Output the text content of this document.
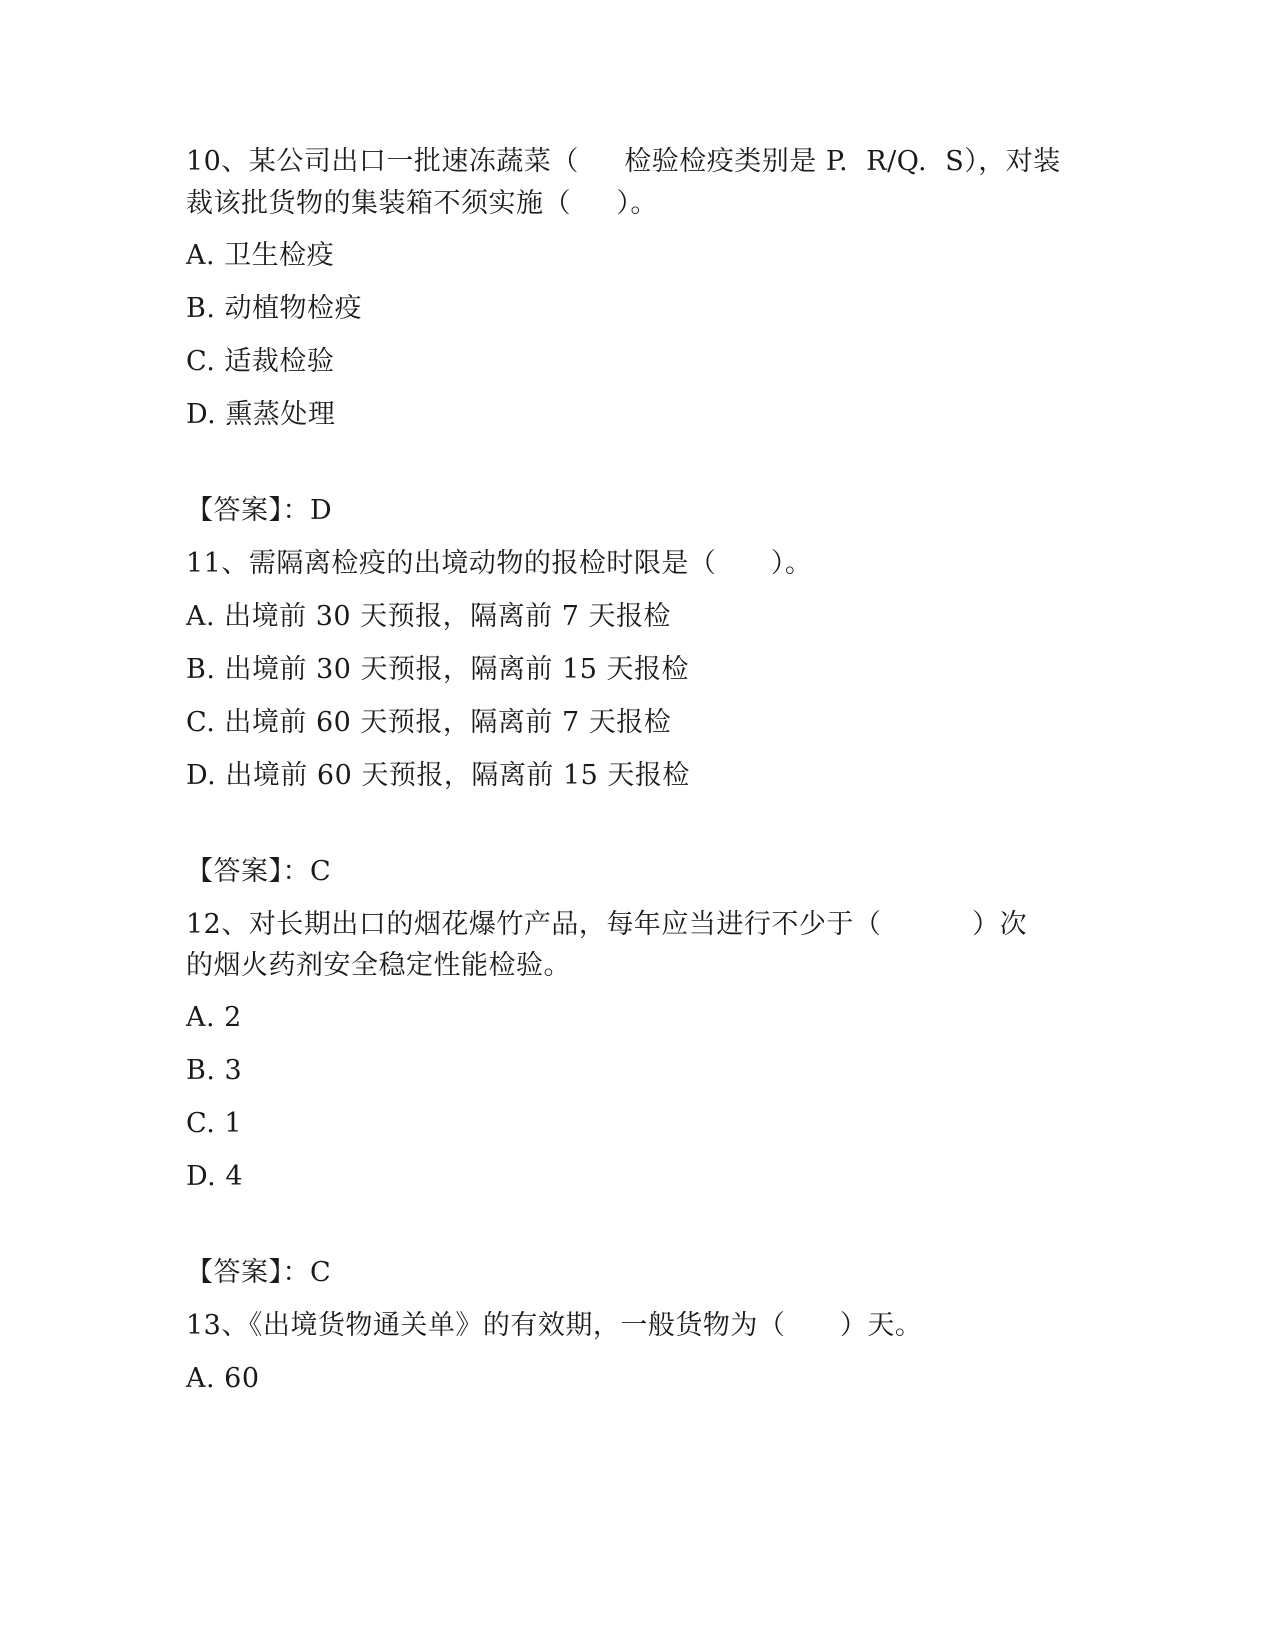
10、某公司出口一批速冻蔬菜（     检验检疫类别是 P.  R/Q.  S），对装
裁该批货物的集装箱不须实施（     ）。
A. 卫生检疫
B. 动植物检疫
C. 适裁检验
D. 熏蒸处理
【答案】：D
11、需隔离检疫的出境动物的报检时限是（      ）。
A. 出境前 30 天预报，隔离前 7 天报检
B. 出境前 30 天预报，隔离前 15 天报检
C. 出境前 60 天预报，隔离前 7 天报检
D. 出境前 60 天预报，隔离前 15 天报检
【答案】：C
12、对长期出口的烟花爆竹产品，每年应当进行不少于（          ）次
的烟火药剂安全稳定性能检验。
A. 2
B. 3
C. 1
D. 4
【答案】：C
13、《出境货物通关单》的有效期，一般货物为（      ）天。
A. 60
